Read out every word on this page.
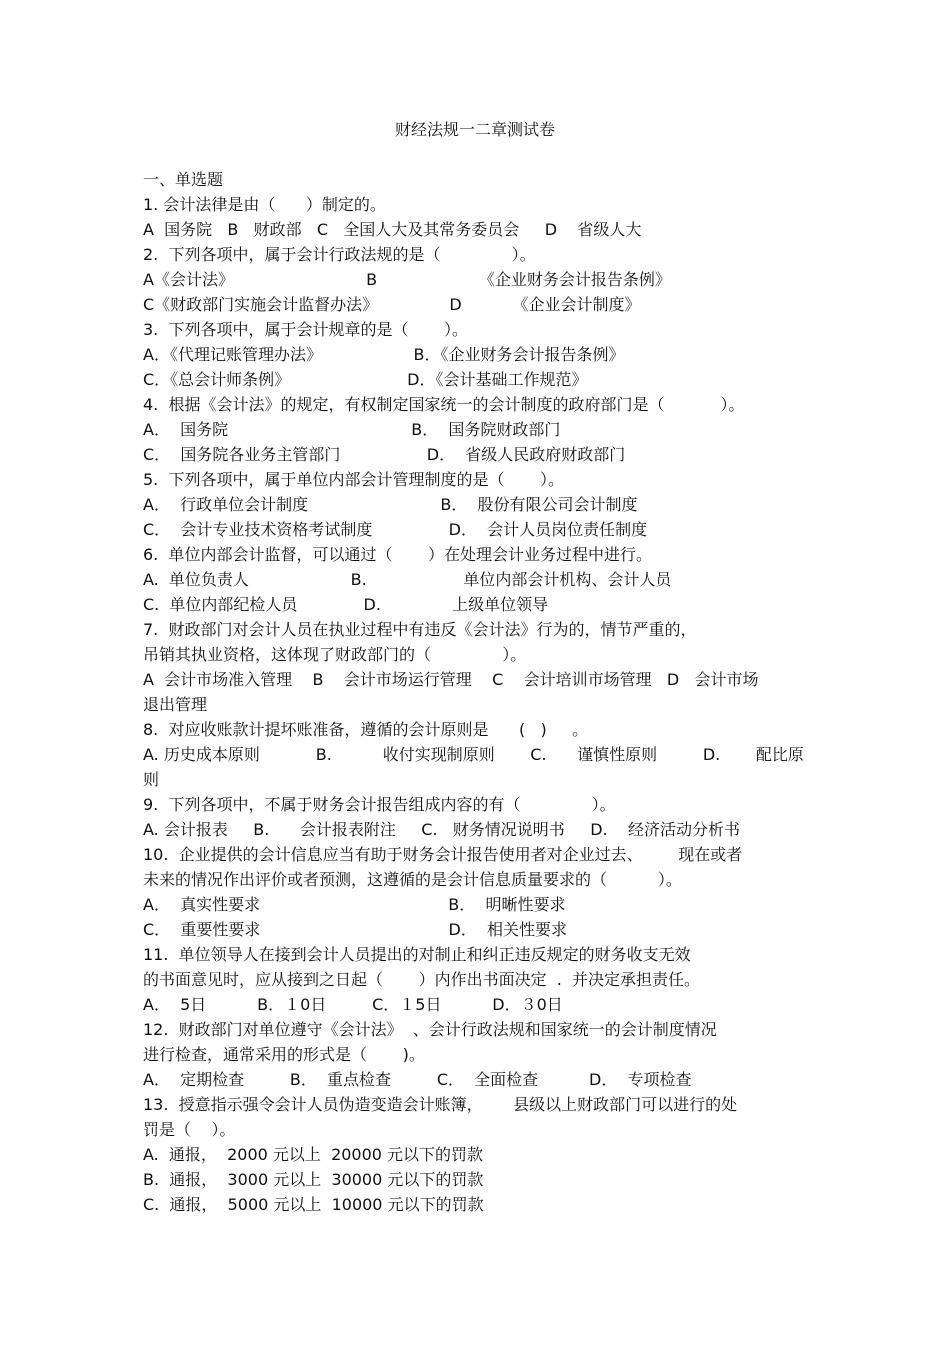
财经法规一二章测试卷
一、单选题
1. 会计法律是由（      ）制定的。
A  国务院   B   财政部   C   全国人大及其常务委员会     D    省级人大
2.  下列各项中，属于会计行政法规的是（              ）。
A《会计法》                          B                    《企业财务会计报告条例》
C《财政部门实施会计监督办法》              D          《企业会计制度》
3.  下列各项中，属于会计规章的是（       ）。
A．《代理记账管理办法》                  B．《企业财务会计报告条例》
C．《总会计师条例》                       D．《会计基础工作规范》
4.  根据《会计法》的规定，有权制定国家统一的会计制度的政府部门是（           ）。
A．  国务院                                    B．  国务院财政部门
C．  国务院各业务主管部门                 D．  省级人民政府财政部门
5.  下列各项中，属于单位内部会计管理制度的是（       ）。
A．  行政单位会计制度                          B．  股份有限公司会计制度
C．  会计专业技术资格考试制度               D．  会计人员岗位责任制度
6.  单位内部会计监督，可以通过（       ）在处理会计业务过程中进行。
A.  单位负责人                    B.                   单位内部会计机构、会计人员
C.  单位内部纪检人员             D.              上级单位领导
7.  财政部门对会计人员在执业过程中有违反《会计法》行为的，情节严重的，
吊销其执业资格，这体现了财政部门的（              ）。
A  会计市场准入管理    B    会计市场运行管理    C    会计培训市场管理   D   会计市场
退出管理
8.  对应收账款计提坏账准备，遵循的会计原则是      (   )     。
A. 历史成本原则           B.          收付实现制原则       C.      谨慎性原则         D.       配比原
则
9.  下列各项中，不属于财务会计报告组成内容的有（              ）。
A. 会计报表     B.      会计报表附注     C.   财务情况说明书     D.    经济活动分析书
10.  企业提供的会计信息应当有助于财务会计报告使用者对企业过去、       现在或者
未来的情况作出评价或者预测，这遵循的是会计信息质量要求的（          ）。
A．  真实性要求                                     B．  明晰性要求
C．  重要性要求                                     D．  相关性要求
11.  单位领导人在接到会计人员提出的对制止和纠正违反规定的财务收支无效
的书面意见时，应从接到之日起（       ）内作出书面决定  .  并决定承担责任。
A．  5日          B．１0日         C．１5日          D．３0日
12.  财政部门对单位遵守《会计法》  、会计行政法规和国家统一的会计制度情况
进行检查，通常采用的形式是（       )。
A．  定期检查         B．  重点检查         C．  全面检查          D．  专项检查
13.  授意指示强令会计人员伪造变造会计账簿，      县级以上财政部门可以进行的处
罚是（    ）。
A.  通报，  2000 元以上  20000 元以下的罚款
B.  通报，  3000 元以上  30000 元以下的罚款
C.  通报，  5000 元以上  10000 元以下的罚款
